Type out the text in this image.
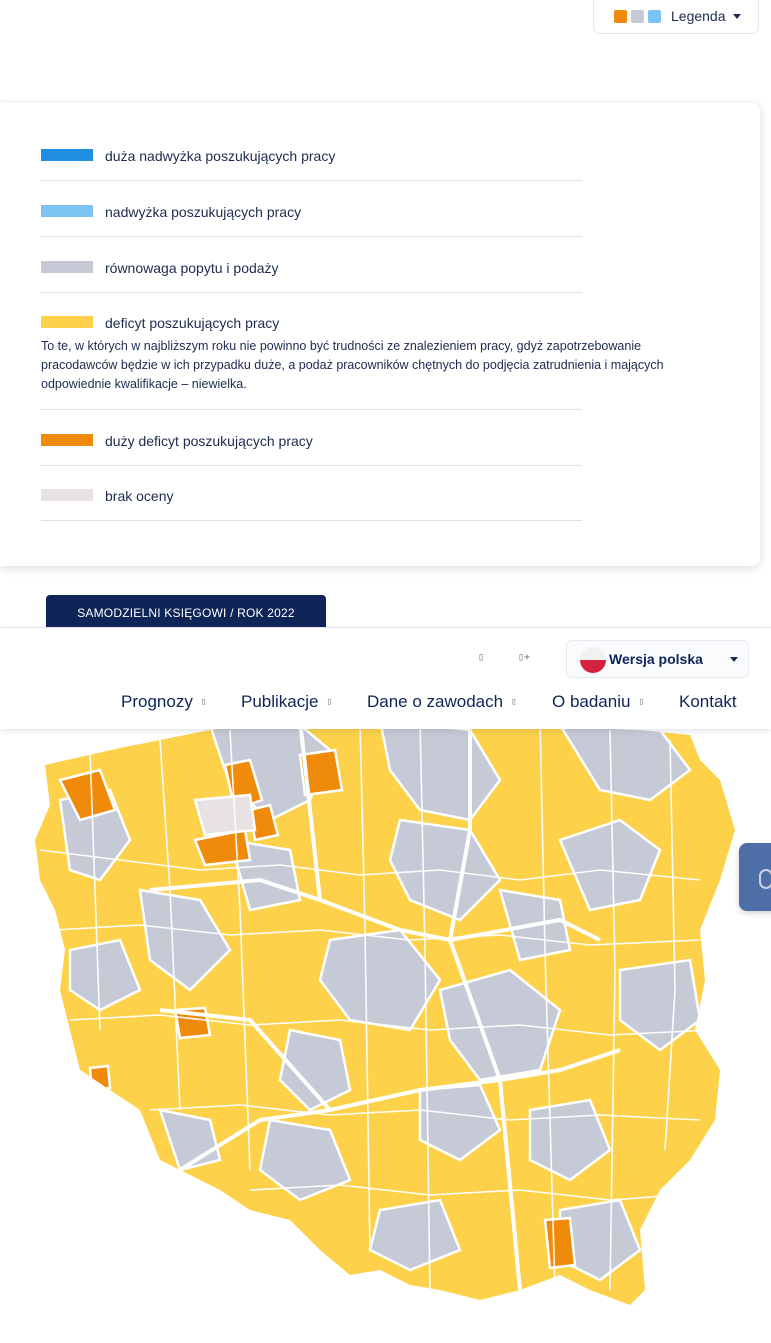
Legenda
duża nadwyżka poszukujących pracy
nadwyżka poszukujących pracy
równowaga popytu i podaży
deficyt poszukujących pracy
To te, w których w najbliższym roku nie powinno być trudności ze znalezieniem pracy, gdyż zapotrzebowanie pracodawców będzie w ich przypadku duże, a podaż pracowników chętnych do podjęcia zatrudnienia i mających odpowiednie kwalifikacje – niewielka.
duży deficyt poszukujących pracy
brak oceny
SAMODZIELNI KSIĘGOWI / ROK 2022
▯	▯+	Wersja polska
Prognozy ▯ Publikacje ▯ Dane o zawodach ▯ O badaniu ▯ Kontakt
